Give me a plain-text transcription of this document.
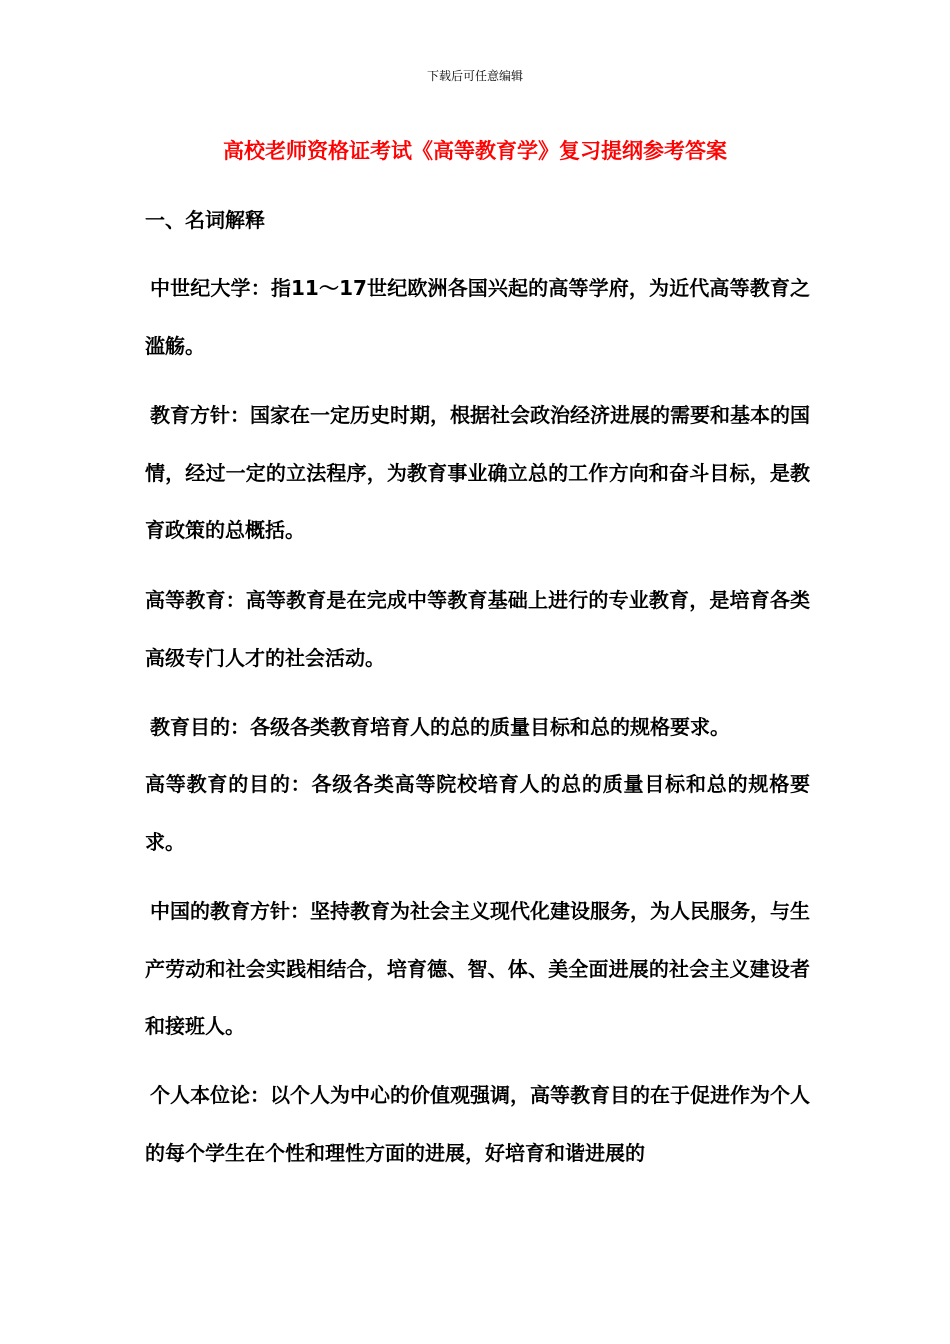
下载后可任意编辑
高校老师资格证考试《高等教育学》复习提纲参考答案
一、名词解释

中世纪大学：指11～17世纪欧洲各国兴起的高等学府，为近代高等教育之滥觞。

教育方针：国家在一定历史时期，根据社会政治经济进展的需要和基本的国情，经过一定的立法程序，为教育事业确立总的工作方向和奋斗目标，是教育政策的总概括。

高等教育：高等教育是在完成中等教育基础上进行的专业教育，是培育各类高级专门人才的社会活动。

教育目的：各级各类教育培育人的总的质量目标和总的规格要求。

高等教育的目的：各级各类高等院校培育人的总的质量目标和总的规格要求。

中国的教育方针：坚持教育为社会主义现代化建设服务，为人民服务，与生产劳动和社会实践相结合，培育德、智、体、美全面进展的社会主义建设者和接班人。

个人本位论：以个人为中心的价值观强调，高等教育目的在于促进作为个人的每个学生在个性和理性方面的进展，好培育和谐进展的
